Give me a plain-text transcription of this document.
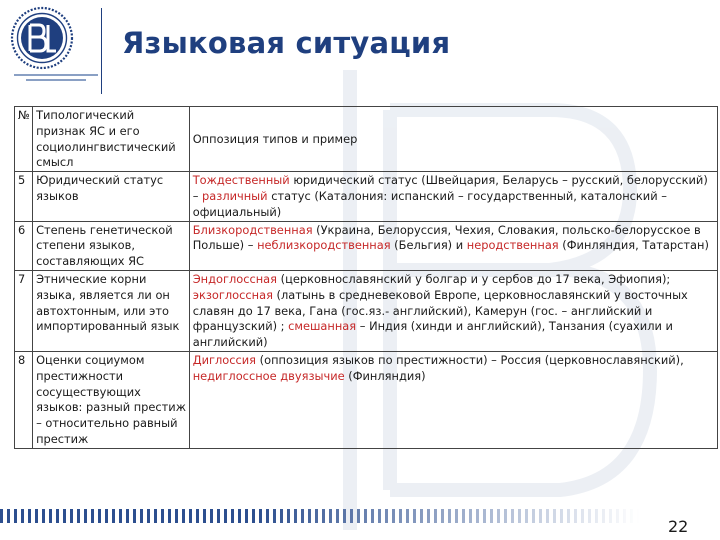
Языковая ситуация
№	Типологический признак ЯС и его социолингвистический смысл	Оппозиция типов и пример
5	Юридический статус языков	Тождественный юридический статус (Швейцария, Беларусь – русский, белорусский) – различный статус (Каталония: испанский – государственный, каталонский – официальный)
6	Степень генетической степени языков, составляющих ЯС	Близкородственная (Украина, Белоруссия, Чехия, Словакия, польско-белорусское в Польше) – неблизкородственная (Бельгия) и неродственная (Финляндия, Татарстан)
7	Этнические корни языка, является ли он автохтонным, или это импортированный язык	Эндоглоссная (церковнославянский у болгар и у сербов до 17 века, Эфиопия); экзоглоссная (латынь в средневековой Европе, церковнославянский у восточных славян до 17 века, Гана (гос.яз.- английский), Камерун (гос. – английский и французский) ; смешанная – Индия (хинди и английский), Танзания (суахили и английский)
8	Оценки социумом престижности сосуществующих языков: разный престиж – относительно равный престиж	Диглоссия (оппозиция языков по престижности) – Россия (церковнославянский), недиглоссное двуязычие (Финляндия)
22
